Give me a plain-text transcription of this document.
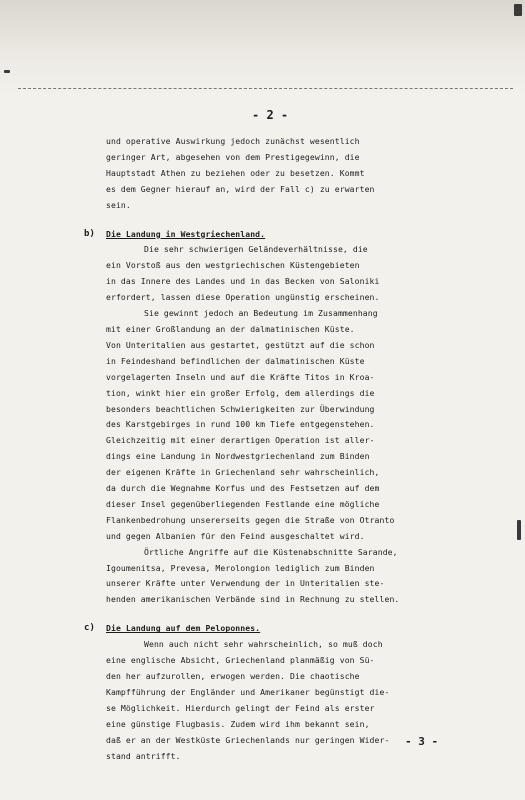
- 2 -

und operative Auswirkung jedoch zunächst wesentlich

geringer Art, abgesehen von dem Prestigegewinn, die

Hauptstadt Athen zu beziehen oder zu besetzen. Kommt

es dem Gegner hierauf an, wird der Fall c) zu erwarten

sein.

b) Die Landung in Westgriechenland.

Die sehr schwierigen Geländeverhältnisse, die

ein Vorstoß aus den westgriechischen Küstengebieten

in das Innere des Landes und in das Becken von Saloniki

erfordert, lassen diese Operation ungünstig erscheinen.

Sie gewinnt jedoch an Bedeutung im Zusammenhang

mit einer Großlandung an der dalmatinischen Küste.

Von Unteritalien aus gestartet, gestützt auf die schon

in Feindeshand befindlichen der dalmatinischen Küste

vorgelagerten Inseln und auf die Kräfte Titos in Kroa-

tion, winkt hier ein großer Erfolg, dem allerdings die

besonders beachtlichen Schwierigkeiten zur Überwindung

des Karstgebirges in rund 100 km Tiefe entgegenstehen.

Gleichzeitig mit einer derartigen Operation ist aller-

dings eine Landung in Nordwestgriechenland zum Binden

der eigenen Kräfte in Griechenland sehr wahrscheinlich,

da durch die Wegnahme Korfus und des Festsetzen auf dem

dieser Insel gegenüberliegenden Festlande eine mögliche

Flankenbedrohung unsererseits gegen die Straße von Otranto

und gegen Albanien für den Feind ausgeschaltet wird.

Örtliche Angriffe auf die Küstenabschnitte Sarande,

Igoumenitsa, Prevesa, Merolongion lediglich zum Binden

unserer Kräfte unter Verwendung der in Unteritalien ste-

henden amerikanischen Verbände sind in Rechnung zu stellen.

c) Die Landung auf dem Peloponnes.

Wenn auch nicht sehr wahrscheinlich, so muß doch

eine englische Absicht, Griechenland planmäßig von Sü-

den her aufzurollen, erwogen werden. Die chaotische

Kampfführung der Engländer und Amerikaner begünstigt die-

se Möglichkeit. Hierdurch gelingt der Feind als erster

eine günstige Flugbasis. Zudem wird ihm bekannt sein,

daß er an der Westküste Griechenlands nur geringen Wider-

stand antrifft.

- 3 -
